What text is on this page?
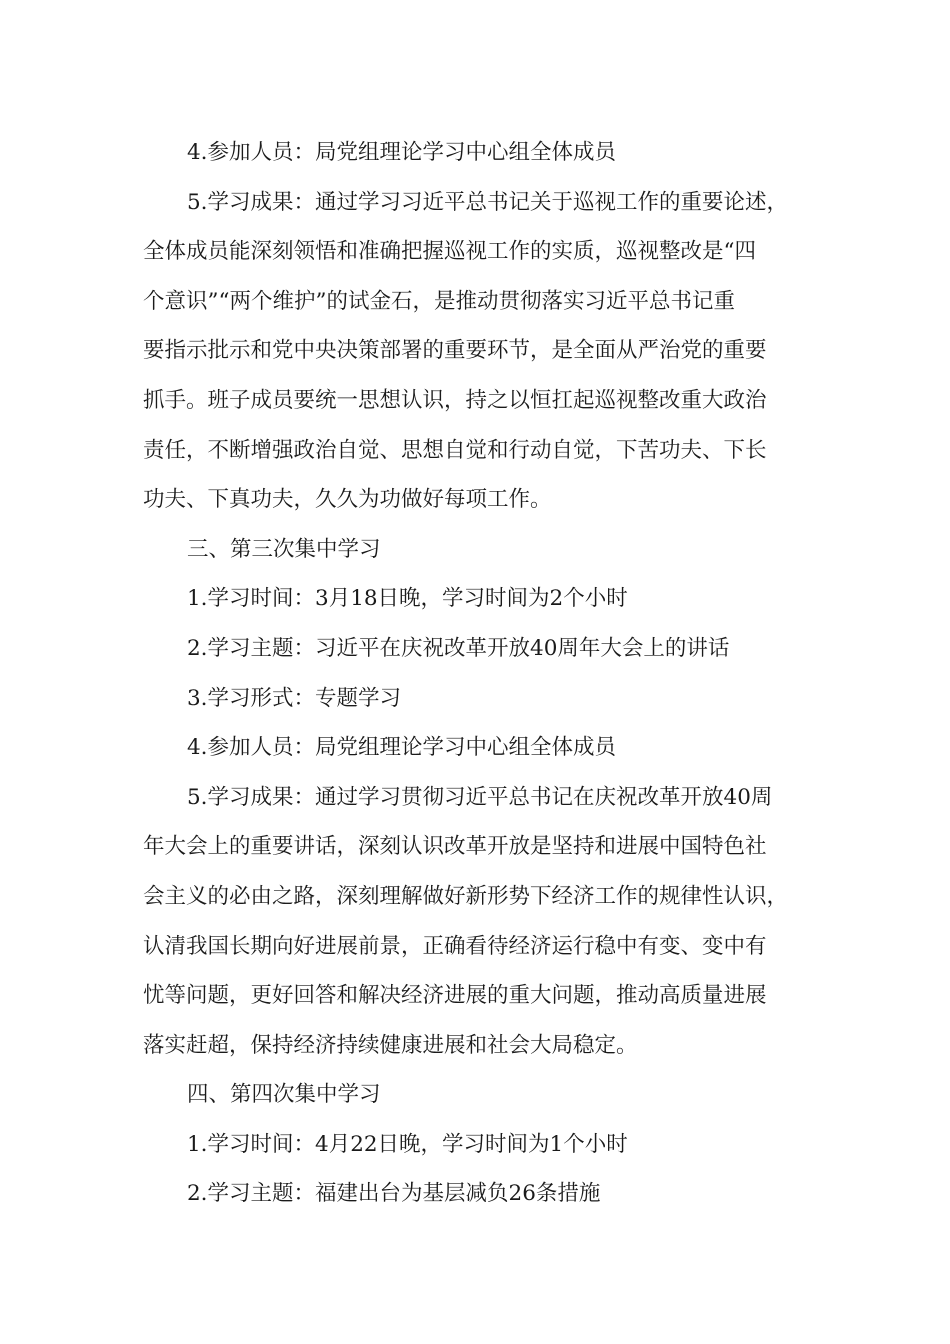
4.参加人员：局党组理论学习中心组全体成员
5.学习成果：通过学习习近平总书记关于巡视工作的重要论述，
全体成员能深刻领悟和准确把握巡视工作的实质，巡视整改是“四
个意识”“两个维护”的试金石，是推动贯彻落实习近平总书记重
要指示批示和党中央决策部署的重要环节，是全面从严治党的重要
抓手。班子成员要统一思想认识，持之以恒扛起巡视整改重大政治
责任，不断增强政治自觉、思想自觉和行动自觉，下苦功夫、下长
功夫、下真功夫，久久为功做好每项工作。
三、第三次集中学习
1.学习时间：3月18日晚，学习时间为2个小时
2.学习主题：习近平在庆祝改革开放40周年大会上的讲话
3.学习形式：专题学习
4.参加人员：局党组理论学习中心组全体成员
5.学习成果：通过学习贯彻习近平总书记在庆祝改革开放40周
年大会上的重要讲话，深刻认识改革开放是坚持和进展中国特色社
会主义的必由之路，深刻理解做好新形势下经济工作的规律性认识，
认清我国长期向好进展前景，正确看待经济运行稳中有变、变中有
忧等问题，更好回答和解决经济进展的重大问题，推动高质量进展
落实赶超，保持经济持续健康进展和社会大局稳定。
四、第四次集中学习
1.学习时间：4月22日晚，学习时间为1个小时
2.学习主题：福建出台为基层减负26条措施
